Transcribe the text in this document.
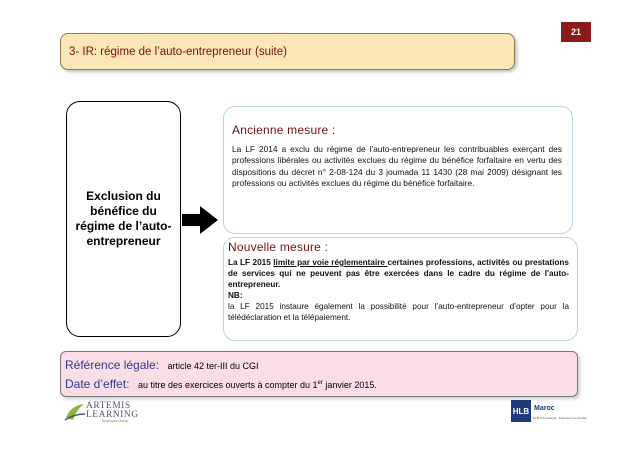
21
3- IR: régime de l’auto-entrepreneur (suite)
Exclusion du bénéfice du régime de l’auto-entrepreneur
Ancienne mesure :
La LF 2014 a exclu du régime de l'auto-entrepreneur les contribuables exerçant des professions libérales ou activités exclues du régime du bénéfice forfaitaire en vertu des dispositions du décret n° 2-08-124 du 3 joumada 11 1430 (28 mai 2009) désignant les professions ou activités exclues du régime du bénéfice forfaitaire.
Nouvelle mesure :
La LF 2015 limite par voie réglementaire certaines professions, activités ou prestations de services qui ne peuvent pas être exercées dans le cadre du régime de l'auto-entrepreneur.
NB:
la LF 2015 instaure également la possibilité pour l’auto-entrepreneur d’opter pour la télédéclaration et la télépaiement.
Référence légale: article 42 ter-III du CGI
Date d’effet: au titre des exercices ouverts à compter du 1er janvier 2015.
ARTEMIS
LEARNING
Employee Group
HLB Maroc
HLB International · Expertise Comptable
